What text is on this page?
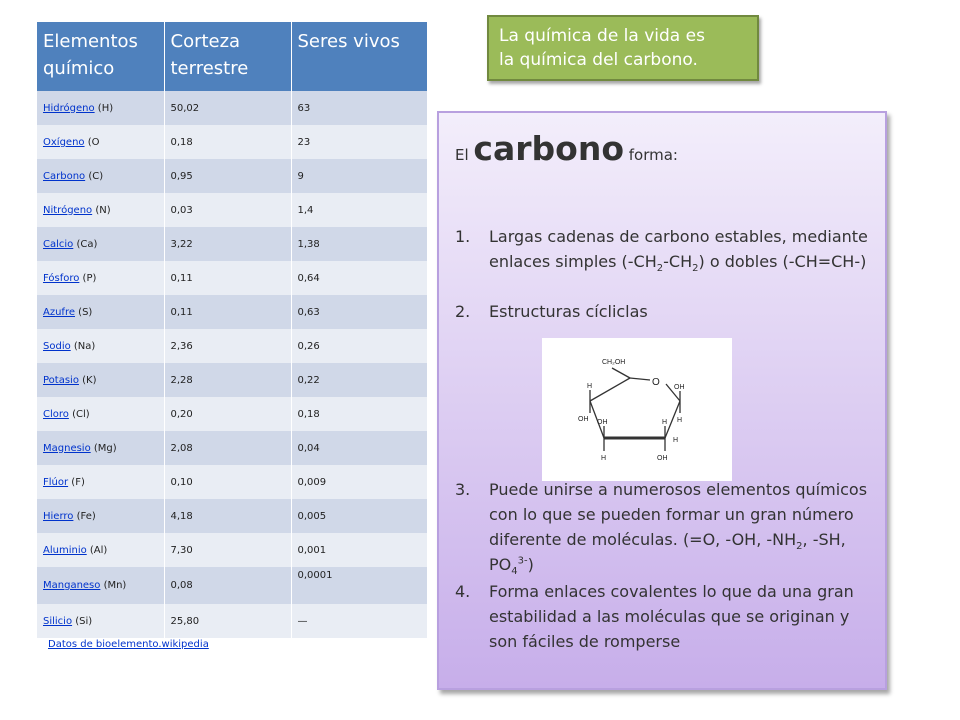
Elementos químico	Corteza terrestre	Seres vivos
Hidrógeno (H)	50,02	63
Oxígeno (O	0,18	23
Carbono (C)	0,95	9
Nitrógeno (N)	0,03	1,4
Calcio (Ca)	3,22	1,38
Fósforo (P)	0,11	0,64
Azufre (S)	0,11	0,63
Sodio (Na)	2,36	0,26
Potasio (K)	2,28	0,22
Cloro (Cl)	0,20	0,18
Magnesio (Mg)	2,08	0,04
Flúor (F)	0,10	0,009
Hierro (Fe)	4,18	0,005
Aluminio (Al)	7,30	0,001
Manganeso (Mn)	0,08	0,0001
Silicio (Si)	25,80	—
Datos de bioelemento.wikipedia
La química de la vida es
la química del carbono.
El carbono forma:
1.	Largas cadenas de carbono estables, mediante enlaces simples $(-CH_2-CH_2)$ o dobles (-CH=CH-)
2.	Estructuras cícliclas
CH₂OH
O
H
OH
OH
H
OH
H
H
OH
H
3.	Puede unirse a numerosos elementos químicos con lo que se pueden formar un gran número diferente de moléculas. (=O, -OH, $-NH_2$, -SH, $PO_4^{3-}$)
4.	Forma enlaces covalentes lo que da una gran estabilidad a las moléculas que se originan y son fáciles de romperse
